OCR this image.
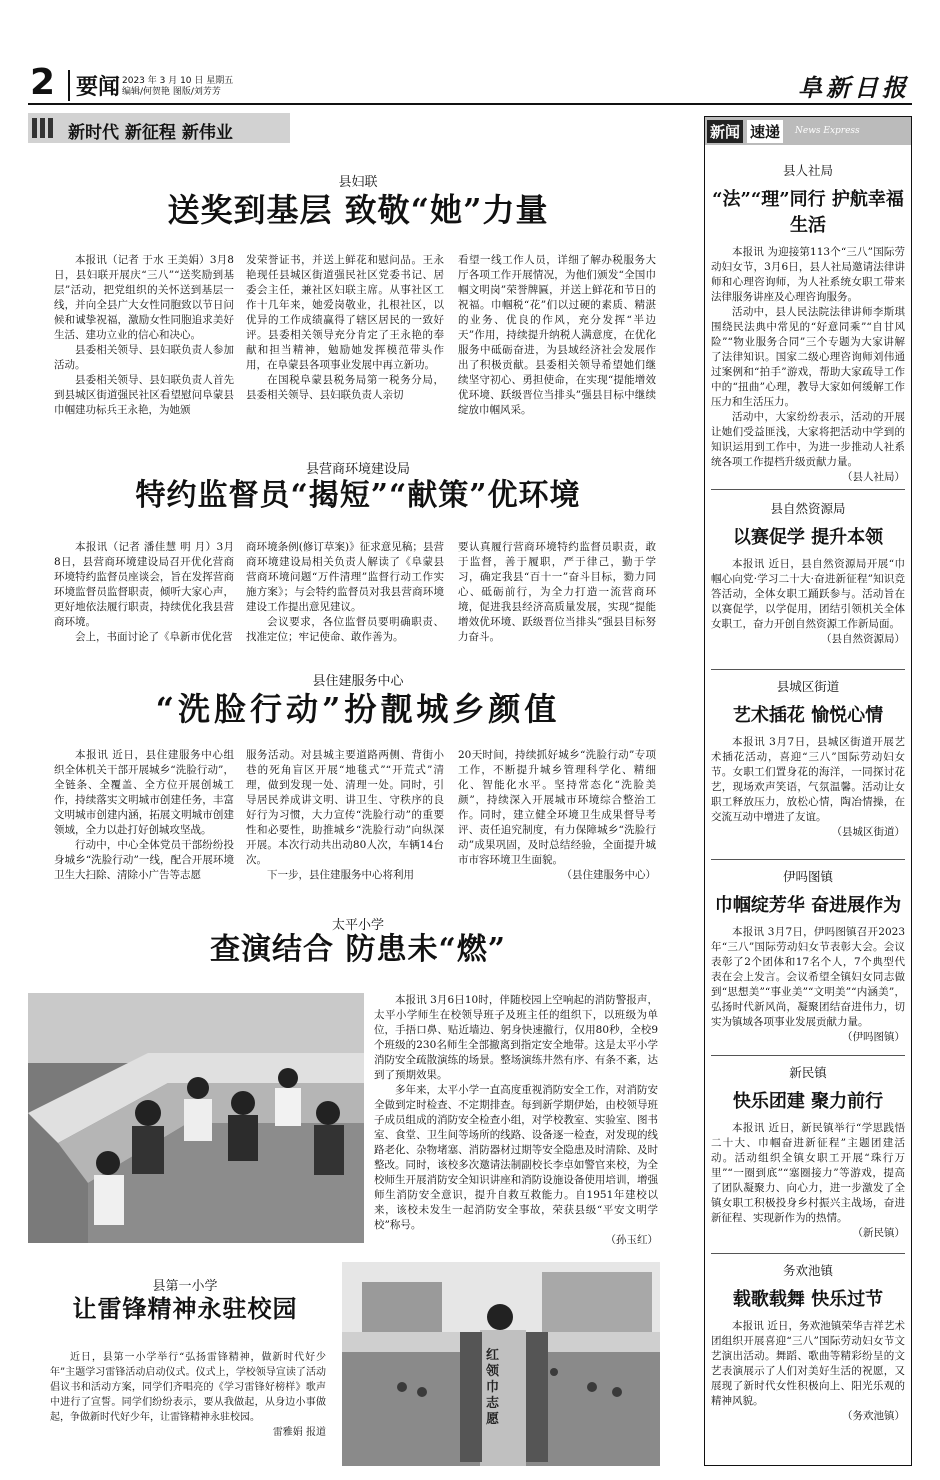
2 要闻 2023 年 3 月 10 日 星期五
编辑/何贺艳 图版/刘芳芳	阜新日报
新时代 新征程 新伟业
县妇联
送奖到基层 致敬“她”力量

本报讯（记者 于水 王美娟）3月8日，县妇联开展庆“三八”“送奖励到基层”活动，把党组织的关怀送到基层一线，并向全县广大女性同胞致以节日问候和诚挚祝福，激励女性同胞追求美好生活、建功立业的信心和决心。

县委相关领导、县妇联负责人参加活动。

县委相关领导、县妇联负责人首先到县城区街道强民社区看望慰问阜蒙县巾帼建功标兵王永艳，为她颁

发荣誉证书，并送上鲜花和慰问品。王永艳现任县城区街道强民社区党委书记、居委会主任，兼社区妇联主席。从事社区工作十几年来，她爱岗敬业，扎根社区，以优异的工作成绩赢得了辖区居民的一致好评。县委相关领导充分肯定了王永艳的奉献和担当精神，勉励她发挥模范带头作用，在阜蒙县各项事业发展中再立新功。

在国税阜蒙县税务局第一税务分局，县委相关领导、县妇联负责人亲切

看望一线工作人员，详细了解办税服务大厅各项工作开展情况，为他们颁发“全国巾帼文明岗”荣誉牌匾，并送上鲜花和节日的祝福。巾帼税“花”们以过硬的素质、精湛的业务、优良的作风，充分发挥“半边天”作用，持续提升纳税人满意度，在优化服务中砥砺奋进，为县域经济社会发展作出了积极贡献。县委相关领导希望她们继续坚守初心、勇担使命，在实现“提能增效优环境、跃级晋位当排头”强县目标中继续绽放巾帼风采。

县营商环境建设局
特约监督员“揭短”“献策”优环境

本报讯（记者 潘佳慧 明 月）3月8日，县营商环境建设局召开优化营商环境特约监督员座谈会，旨在发挥营商环境监督员监督职责，倾听大家心声，更好地依法履行职责，持续优化我县营商环境。

会上，书面讨论了《阜新市优化营

商环境条例(修订草案)》征求意见稿；县营商环境建设局相关负责人解读了《阜蒙县营商环境问题“万件清理”监督行动工作实施方案》；与会特约监督员对我县营商环境建设工作提出意见建议。

会议要求，各位监督员要明确职责、找准定位；牢记使命、敢作善为。

要认真履行营商环境特约监督员职责，敢于监督，善于履职，严于律己，勤于学习，确定我县“百十一”奋斗目标，勠力同心、砥砺前行，为全力打造一流营商环境，促进我县经济高质量发展，实现“提能增效优环境、跃级晋位当排头”强县目标努力奋斗。

县住建服务中心
“洗脸行动”扮靓城乡颜值

本报讯 近日，县住建服务中心组织全体机关干部开展城乡“洗脸行动”，全链条、全覆盖、全方位开展创城工作，持续落实文明城市创建任务，丰富文明城市创建内涵，拓展文明城市创建领域，全力以赴打好创城攻坚战。

行动中，中心全体党员干部纷纷投身城乡“洗脸行动”一线，配合开展环境卫生大扫除、清除小广告等志愿

服务活动。对县城主要道路两侧、背街小巷的死角盲区开展“地毯式”“开荒式”清理，做到发现一处、清理一处。同时，引导居民养成讲文明、讲卫生、守秩序的良好行为习惯，大力宣传“洗脸行动”的重要性和必要性，助推城乡“洗脸行动”向纵深开展。本次行动共出动80人次，车辆14台次。

下一步，县住建服务中心将利用

20天时间，持续抓好城乡“洗脸行动”专项工作，不断提升城乡管理科学化、精细化、智能化水平。坚持常态化“洗脸美颜”，持续深入开展城市环境综合整治工作。同时，建立健全环境卫生成果督导考评、责任追究制度，有力保障城乡“洗脸行动”成果巩固，及时总结经验，全面提升城市市容环境卫生面貌。

（县住建服务中心）
太平小学
查演结合 防患未“燃”

本报讯 3月6日10时，伴随校园上空响起的消防警报声，太平小学师生在校领导班子及班主任的组织下，以班级为单位，手捂口鼻、贴近墙边、躬身快速撤行，仅用80秒，全校9个班级的230名师生全部撤离到指定安全地带。这是太平小学消防安全疏散演练的场景。整场演练井然有序、有条不紊，达到了预期效果。

多年来，太平小学一直高度重视消防安全工作，对消防安全做到定时检查、不定期排查。每到新学期伊始，由校领导班子成员组成的消防安全检查小组，对学校教室、实验室、图书室、食堂、卫生间等场所的线路、设备逐一检查，对发现的线路老化、杂物堵塞、消防器材过期等安全隐患及时清除、及时整改。同时，该校多次邀请法制副校长李卓如警官来校，为全校师生开展消防安全知识讲座和消防设施设备使用培训，增强师生消防安全意识，提升自救互救能力。自1951年建校以来，该校未发生一起消防安全事故，荣获县级“平安文明学校”称号。

（孙玉红）
县第一小学
让雷锋精神永驻校园

近日，县第一小学举行“弘扬雷锋精神，做新时代好少年”主题学习雷锋活动启动仪式。仪式上，学校领导宣读了活动倡议书和活动方案，同学们齐唱亮的《学习雷锋好榜样》歌声中进行了宣誓。同学们纷纷表示，要从我做起，从身边小事做起，争做新时代好少年，让雷锋精神永驻校园。

雷雅娟 报道
红领巾志愿
新闻 速递	News Express
县人社局
“法”“理”同行 护航幸福生活

本报讯 为迎接第113个“三八”国际劳动妇女节，3月6日，县人社局邀请法律讲师和心理咨询师，为人社系统女职工带来法律服务讲座及心理咨询服务。

活动中，县人民法院法律讲师李斯琪围绕民法典中常见的“好意同乘”“自甘风险”“物业服务合同”三个专题为大家讲解了法律知识。国家二级心理咨询师刘伟通过案例和“拍手”游戏，帮助大家疏导工作中的“扭曲”心理，教导大家如何缓解工作压力和生活压力。

活动中，大家纷纷表示，活动的开展让她们受益匪浅，大家将把活动中学到的知识运用到工作中，为进一步推动人社系统各项工作提档升级贡献力量。

（县人社局）
县自然资源局
以赛促学 提升本领

本报讯 近日，县自然资源局开展“巾帼心向党·学习二十大·奋进新征程”知识竞答活动，全体女职工踊跃参与。活动旨在以赛促学，以学促用，团结引领机关全体女职工，奋力开创自然资源工作新局面。

（县自然资源局）
县城区街道
艺术插花 愉悦心情

本报讯 3月7日，县城区街道开展艺术插花活动，喜迎“三八”国际劳动妇女节。女职工们置身花的海洋，一同探讨花艺，现场欢声笑语，气氛温馨。活动让女职工释放压力，放松心情，陶冶情操，在交流互动中增进了友谊。

（县城区街道）
伊吗图镇
巾帼绽芳华 奋进展作为

本报讯 3月7日，伊吗图镇召开2023年“三八”国际劳动妇女节表彰大会。会议表彰了2个团体和17名个人，7个典型代表在会上发言。会议希望全镇妇女同志做到“思想美”“事业美”“文明美”“内涵美”，弘扬时代新风尚，凝聚团结奋进伟力，切实为镇域各项事业发展贡献力量。

（伊吗图镇）
新民镇
快乐团建 聚力前行

本报讯 近日，新民镇举行“学思践悟二十大、巾帼奋进新征程”主题团建活动。活动组织全镇女职工开展“珠行万里”“一圈到底”“塞圈接力”等游戏，提高了团队凝聚力、向心力，进一步激发了全镇女职工积极投身乡村振兴主战场，奋进新征程、实现新作为的热情。

（新民镇）
务欢池镇
载歌载舞 快乐过节

本报讯 近日，务欢池镇荣华吉祥艺术团组织开展喜迎“三八”国际劳动妇女节文艺演出活动。舞蹈、歌曲等精彩纷呈的文艺表演展示了人们对美好生活的祝愿，又展现了新时代女性积极向上、阳光乐观的精神风貌。

（务欢池镇）
